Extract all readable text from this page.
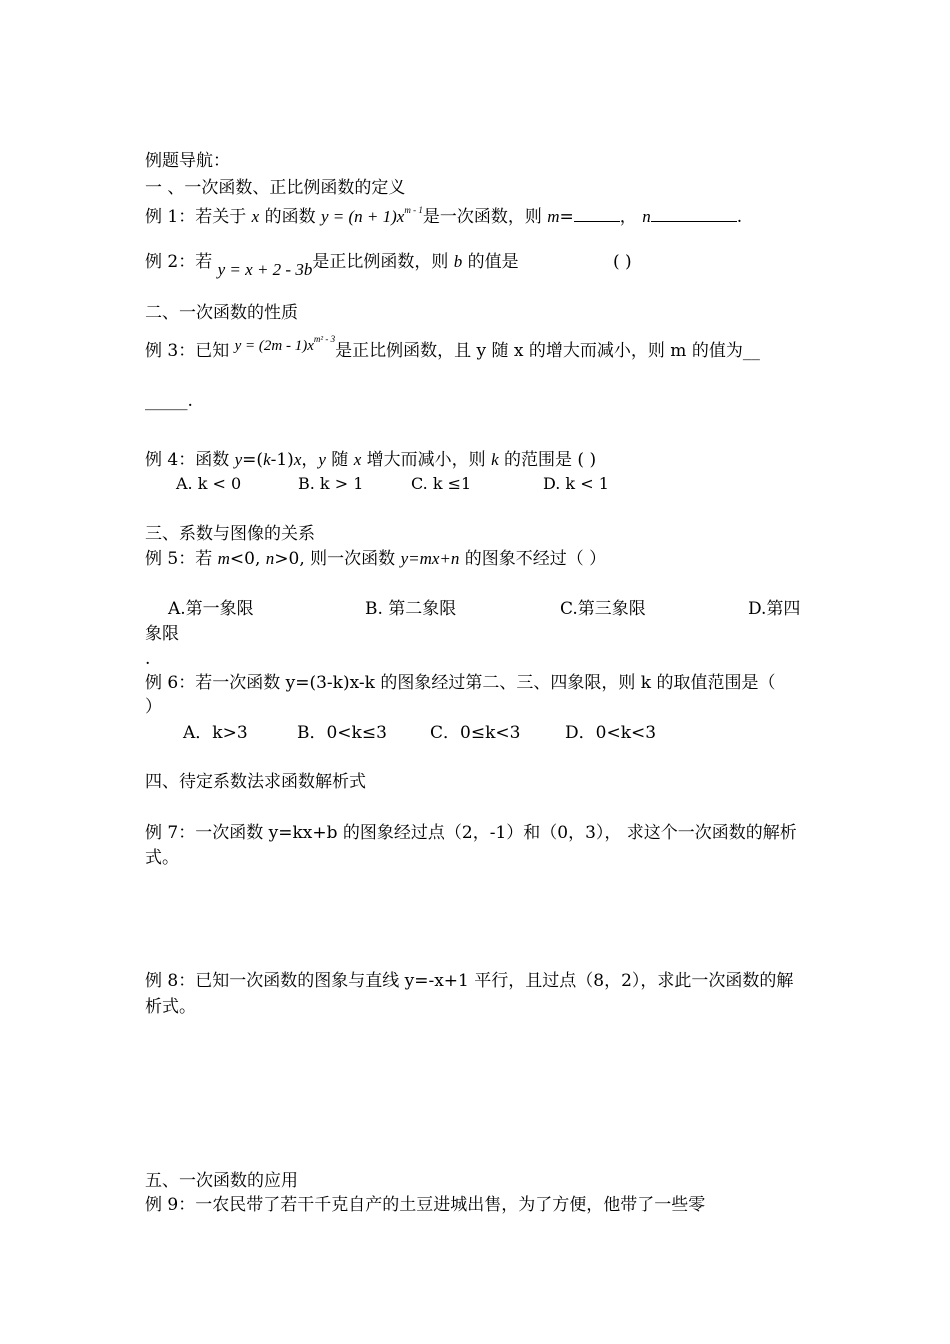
例题导航：
一 、一次函数、正比例函数的定义
例 1：若关于 x 的函数 $y = (n + 1)x^{m - 1}$是一次函数，则 m=	， n	.
例 2：若 y = x + 2 - 3b是正比例函数，则 b 的值是	( )
二、一次函数的性质
例 3：已知 $y = (2m - 1)x^{m^2 - 3}$是正比例函数，且 y 随 x 的增大而减小，则 m 的值为__
_____.
例 4：函数 y=(k-1)x，y 随 x 增大而减小，则 k 的范围是 ( )
A. k < 0	B. k > 1	C. k ≤1	D. k < 1
三、系数与图像的关系
例 5：若 m<0, n>0, 则一次函数 y=mx+n 的图象不经过（ ）
A.第一象限	B. 第二象限	C.第三象限	D.第四
象限
.
例 6：若一次函数 y=(3-k)x-k 的图象经过第二、三、四象限，则 k 的取值范围是（
）
A．k>3	B．0<k≤3	C．0≤k<3	D．0<k<3
四、待定系数法求函数解析式
例 7：一次函数 y=kx+b 的图象经过点（2，-1）和（0，3）， 求这个一次函数的解析
式。
例 8：已知一次函数的图象与直线 y=-x+1 平行，且过点（8，2），求此一次函数的解
析式。
五、一次函数的应用
例 9：一农民带了若干千克自产的土豆进城出售，为了方便，他带了一些零
